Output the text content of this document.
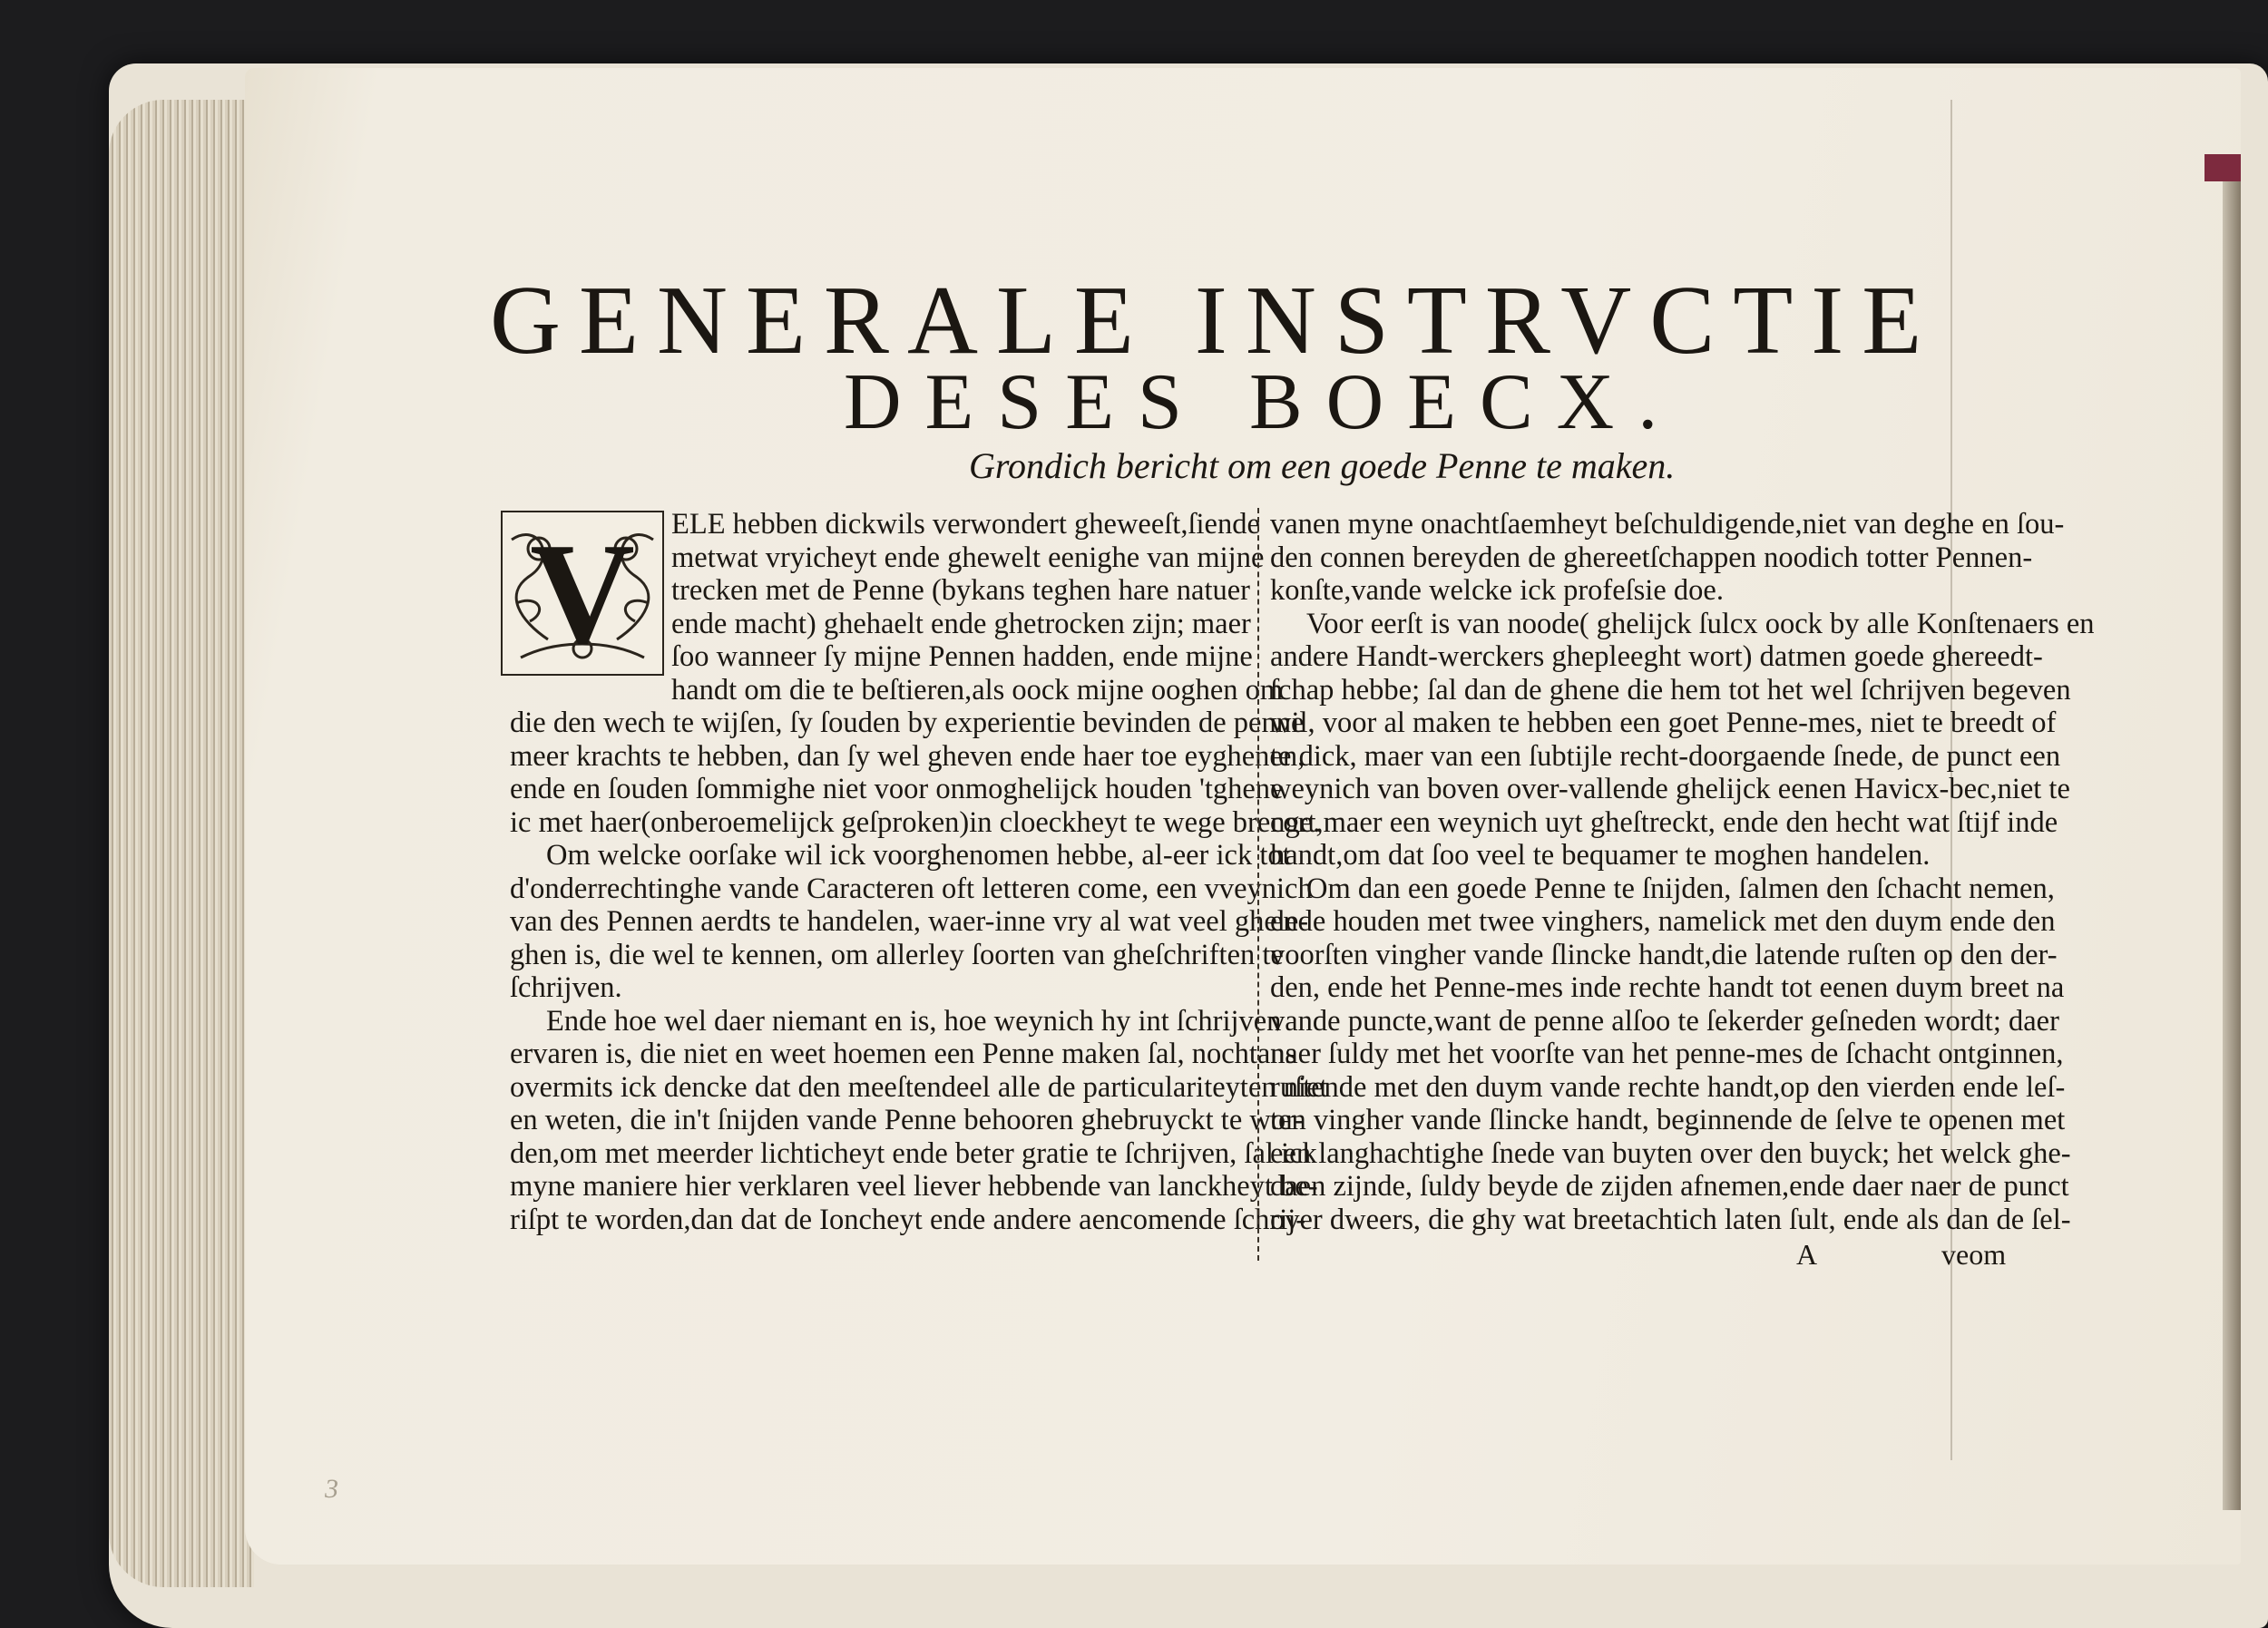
GENERALE INSTRVCTIE
DESES BOECX.
Grondich bericht om een goede Penne te maken.
V	ELE hebben dickwils verwondert gheweeſt,ſiende
metwat vryicheyt ende ghewelt eenighe van mijne
trecken met de Penne (bykans teghen hare natuer
ende macht) ghehaelt ende ghetrocken zijn; maer
ſoo wanneer ſy mijne Pennen hadden, ende mijne
handt om die te beſtieren,als oock mijne ooghen om
die den wech te wijſen, ſy ſouden by experientie bevinden de penne
meer krachts te hebben, dan ſy wel gheven ende haer toe eyghenen,
ende en ſouden ſommighe niet voor onmoghelijck houden 'tghene
ic met haer(onberoemelijck geſproken)in cloeckheyt te wege brenge.
Om welcke oorſake wil ick voorghenomen hebbe, al-eer ick tot
d'onderrechtinghe vande Caracteren oft letteren come, een vveynich
van des Pennen aerdts te handelen, waer-inne vry al wat veel ghele-
ghen is, die wel te kennen, om allerley ſoorten van gheſchriften te
ſchrijven.
Ende hoe wel daer niemant en is, hoe weynich hy int ſchrijven
ervaren is, die niet en weet hoemen een Penne maken ſal, nochtans
overmits ick dencke dat den meeſtendeel alle de particulariteyten niet
en weten, die in't ſnijden vande Penne behooren ghebruyckt te wor-
den,om met meerder lichticheyt ende beter gratie te ſchrijven, ſal ick
myne maniere hier verklaren veel liever hebbende van lanckheyt be-
riſpt te worden,dan dat de Ioncheyt ende andere aencomende ſchrij-
vanen myne onachtſaemheyt beſchuldigende,niet van deghe en ſou-
den connen bereyden de ghereetſchappen noodich totter Pennen-
konſte,vande welcke ick profeſsie doe.
Voor eerſt is van noode( ghelijck ſulcx oock by alle Konſtenaers en
andere Handt-werckers ghepleeght wort) datmen goede ghereedt-
ſchap hebbe; ſal dan de ghene die hem tot het wel ſchrijven begeven
wil, voor al maken te hebben een goet Penne-mes, niet te breedt of
te dick, maer van een ſubtijle recht-doorgaende ſnede, de punct een
weynich van boven over-vallende ghelijck eenen Havicx-bec,niet te
cort,maer een weynich uyt gheſtreckt, ende den hecht wat ſtijf inde
handt,om dat ſoo veel te bequamer te moghen handelen.
Om dan een goede Penne te ſnijden, ſalmen den ſchacht nemen,
ende houden met twee vinghers, namelick met den duym ende den
voorſten vingher vande ſlincke handt,die latende ruſten op den der-
den, ende het Penne-mes inde rechte handt tot eenen duym breet na
vande puncte,want de penne alſoo te ſekerder geſneden wordt; daer
naer ſuldy met het voorſte van het penne-mes de ſchacht ontginnen,
ruſtende met den duym vande rechte handt,op den vierden ende leſ-
ten vingher vande ſlincke handt, beginnende de ſelve te openen met
een langhachtighe ſnede van buyten over den buyck; het welck ghe-
daen zijnde, ſuldy beyde de zijden afnemen,ende daer naer de punct
over dweers, die ghy wat breetachtich laten ſult, ende als dan de ſel-
A	veom
3
